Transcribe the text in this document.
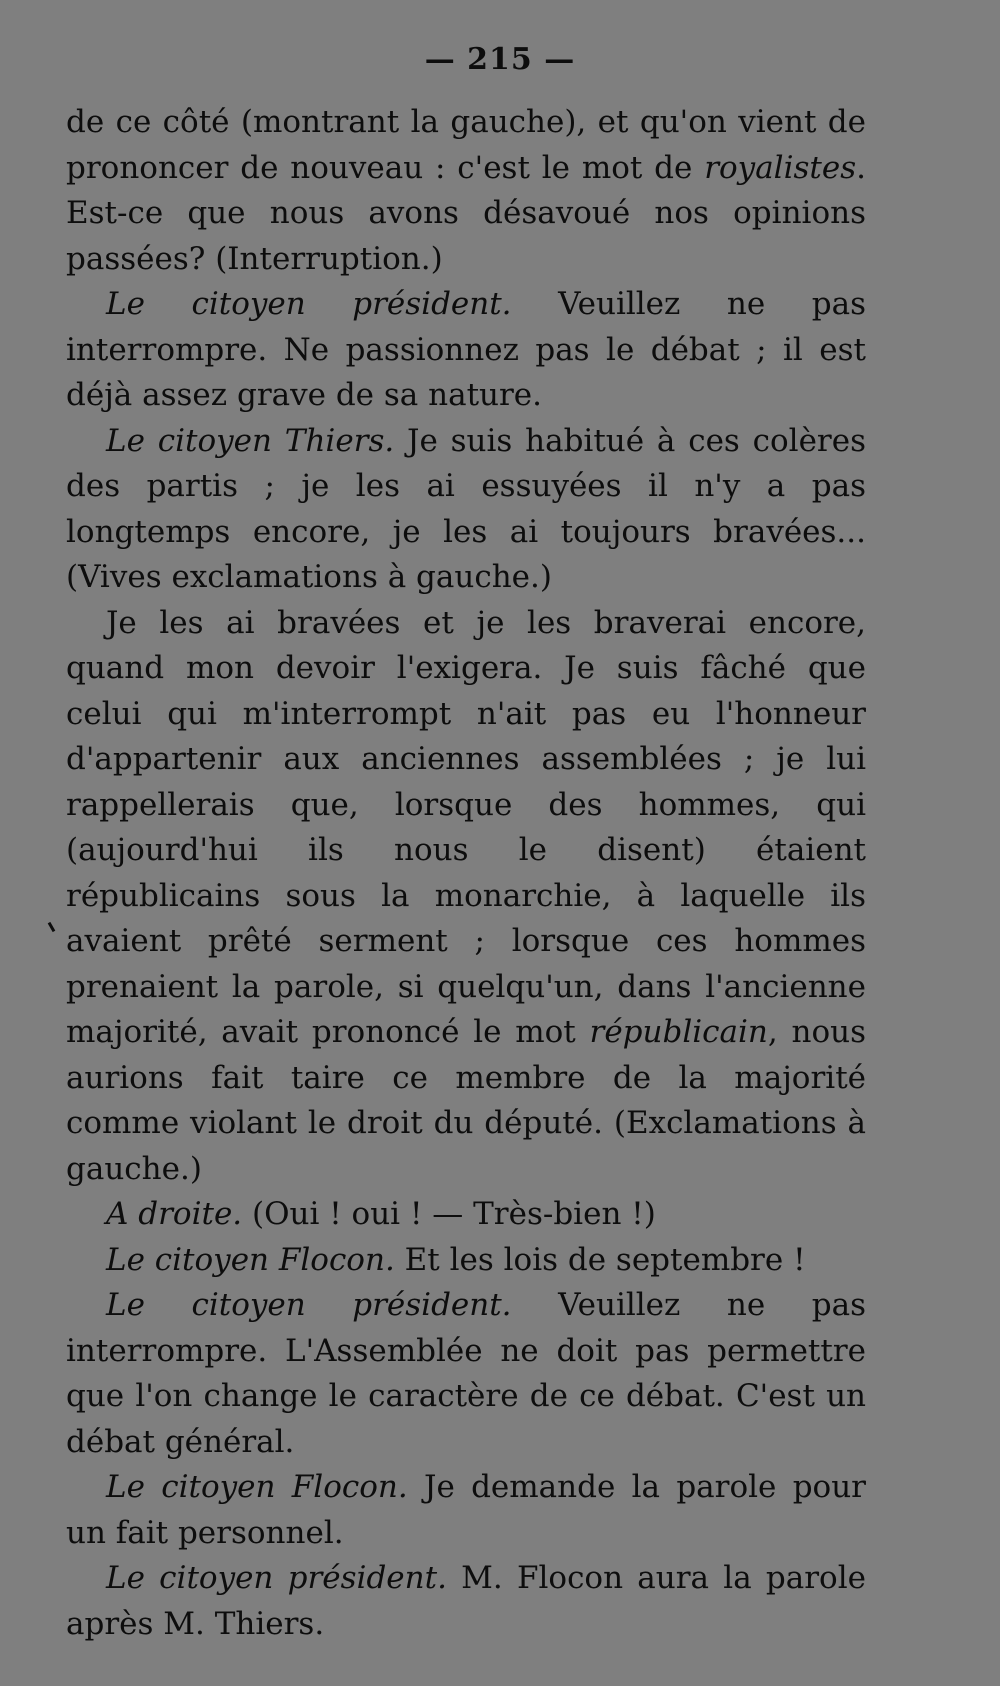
— 215 —

de ce côté (montrant la gauche), et qu'on vient de prononcer de nouveau : c'est le mot de royalistes. Est-ce que nous avons désavoué nos opinions passées? (Interruption.)

Le citoyen président. Veuillez ne pas interrompre. Ne passionnez pas le débat ; il est déjà assez grave de sa nature.

Le citoyen Thiers. Je suis habitué à ces colères des partis ; je les ai essuyées il n'y a pas longtemps encore, je les ai toujours bravées... (Vives exclamations à gauche.)

Je les ai bravées et je les braverai encore, quand mon devoir l'exigera. Je suis fâché que celui qui m'interrompt n'ait pas eu l'honneur d'appartenir aux anciennes assemblées ; je lui rappellerais que, lorsque des hommes, qui (aujourd'hui ils nous le disent) étaient républicains sous la monarchie, à laquelle ils avaient prêté serment ; lorsque ces hommes prenaient la parole, si quelqu'un, dans l'ancienne majorité, avait prononcé le mot républicain, nous aurions fait taire ce membre de la majorité comme violant le droit du député. (Exclamations à gauche.)

A droite. (Oui ! oui ! — Très-bien !)

Le citoyen Flocon. Et les lois de septembre !

Le citoyen président. Veuillez ne pas interrompre. L'Assemblée ne doit pas permettre que l'on change le caractère de ce débat. C'est un débat général.

Le citoyen Flocon. Je demande la parole pour un fait personnel.

Le citoyen président. M. Flocon aura la parole après M. Thiers.
